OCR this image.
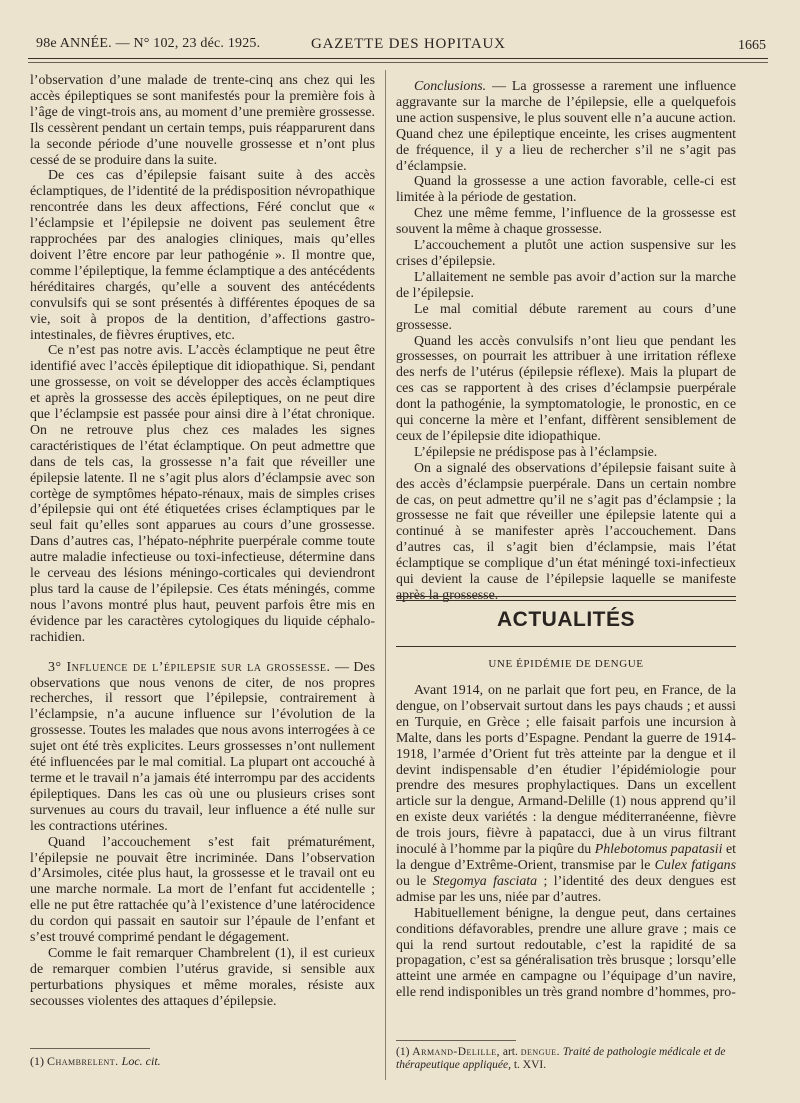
98e ANNÉE. — N° 102, 23 déc. 1925.	GAZETTE DES HOPITAUX	1665

l’observation d’une malade de trente-cinq ans chez qui les accès épileptiques se sont manifestés pour la première fois à l’âge de vingt-trois ans, au moment d’une première grossesse. Ils cessèrent pendant un certain temps, puis réapparurent dans la seconde période d’une nouvelle grossesse et n’ont plus cessé de se produire dans la suite.

De ces cas d’épilepsie faisant suite à des accès éclamptiques, de l’identité de la prédisposition névropathique rencontrée dans les deux affections, Féré conclut que « l’éclampsie et l’épilepsie ne doivent pas seulement être rapprochées par des analogies cliniques, mais qu’elles doivent l’être encore par leur pathogénie ». Il montre que, comme l’épileptique, la femme éclamptique a des antécédents héréditaires chargés, qu’elle a souvent des antécédents convulsifs qui se sont présentés à différentes époques de sa vie, soit à propos de la dentition, d’affections gastro-intestinales, de fièvres éruptives, etc.

Ce n’est pas notre avis. L’accès éclamptique ne peut être identifié avec l’accès épileptique dit idiopathique. Si, pendant une grossesse, on voit se développer des accès éclamptiques et après la grossesse des accès épileptiques, on ne peut dire que l’éclampsie est passée pour ainsi dire à l’état chronique. On ne retrouve plus chez ces malades les signes caractéristiques de l’état éclamptique. On peut admettre que dans de tels cas, la grossesse n’a fait que réveiller une épilepsie latente. Il ne s’agit plus alors d’éclampsie avec son cortège de symptômes hépato-rénaux, mais de simples crises d’épilepsie qui ont été étiquetées crises éclamptiques par le seul fait qu’elles sont apparues au cours d’une grossesse. Dans d’autres cas, l’hépato-néphrite puerpérale comme toute autre maladie infectieuse ou toxi-infectieuse, détermine dans le cerveau des lésions méningo-corticales qui deviendront plus tard la cause de l’épilepsie. Ces états méningés, comme nous l’avons montré plus haut, peuvent parfois être mis en évidence par les caractères cytologiques du liquide céphalo-rachidien.

3° Influence de l’épilepsie sur la grossesse. — Des observations que nous venons de citer, de nos propres recherches, il ressort que l’épilepsie, contrairement à l’éclampsie, n’a aucune influence sur l’évolution de la grossesse. Toutes les malades que nous avons interrogées à ce sujet ont été très explicites. Leurs grossesses n’ont nullement été influencées par le mal comitial. La plupart ont accouché à terme et le travail n’a jamais été interrompu par des accidents épileptiques. Dans les cas où une ou plusieurs crises sont survenues au cours du travail, leur influence a été nulle sur les contractions utérines.

Quand l’accouchement s’est fait prématurément, l’épilepsie ne pouvait être incriminée. Dans l’observation d’Arsimoles, citée plus haut, la grossesse et le travail ont eu une marche normale. La mort de l’enfant fut accidentelle ; elle ne put être rattachée qu’à l’existence d’une latérocidence du cordon qui passait en sautoir sur l’épaule de l’enfant et s’est trouvé comprimé pendant le dégagement.

Comme le fait remarquer Chambrelent (1), il est curieux de remarquer combien l’utérus gravide, si sensible aux perturbations physiques et même morales, résiste aux secousses violentes des attaques d’épilepsie.

(1) Chambrelent. Loc. cit.

Conclusions. — La grossesse a rarement une influence aggravante sur la marche de l’épilepsie, elle a quelquefois une action suspensive, le plus souvent elle n’a aucune action. Quand chez une épileptique enceinte, les crises augmentent de fréquence, il y a lieu de rechercher s’il ne s’agit pas d’éclampsie.

Quand la grossesse a une action favorable, celle-ci est limitée à la période de gestation.

Chez une même femme, l’influence de la grossesse est souvent la même à chaque grossesse.

L’accouchement a plutôt une action suspensive sur les crises d’épilepsie.

L’allaitement ne semble pas avoir d’action sur la marche de l’épilepsie.

Le mal comitial débute rarement au cours d’une grossesse.

Quand les accès convulsifs n’ont lieu que pendant les grossesses, on pourrait les attribuer à une irritation réflexe des nerfs de l’utérus (épilepsie réflexe). Mais la plupart de ces cas se rapportent à des crises d’éclampsie puerpérale dont la pathogénie, la symptomatologie, le pronostic, en ce qui concerne la mère et l’enfant, diffèrent sensiblement de ceux de l’épilepsie dite idiopathique.

L’épilepsie ne prédispose pas à l’éclampsie.

On a signalé des observations d’épilepsie faisant suite à des accès d’éclampsie puerpérale. Dans un certain nombre de cas, on peut admettre qu’il ne s’agit pas d’éclampsie ; la grossesse ne fait que réveiller une épilepsie latente qui a continué à se manifester après l’accouchement. Dans d’autres cas, il s’agit bien d’éclampsie, mais l’état éclamptique se complique d’un état méningé toxi-infectieux qui devient la cause de l’épilepsie laquelle se manifeste après la grossesse.

ACTUALITÉS
UNE ÉPIDÉMIE DE DENGUE

Avant 1914, on ne parlait que fort peu, en France, de la dengue, on l’observait surtout dans les pays chauds ; et aussi en Turquie, en Grèce ; elle faisait parfois une incursion à Malte, dans les ports d’Espagne. Pendant la guerre de 1914-1918, l’armée d’Orient fut très atteinte par la dengue et il devint indispensable d’en étudier l’épidémiologie pour prendre des mesures prophylactiques. Dans un excellent article sur la dengue, Armand-Delille (1) nous apprend qu’il en existe deux variétés : la dengue méditerranéenne, fièvre de trois jours, fièvre à papatacci, due à un virus filtrant inoculé à l’homme par la piqûre du Phlebotomus papatasii et la dengue d’Extrême-Orient, transmise par le Culex fatigans ou le Stegomya fasciata ; l’identité des deux dengues est admise par les uns, niée par d’autres.

Habituellement bénigne, la dengue peut, dans certaines conditions défavorables, prendre une allure grave ; mais ce qui la rend surtout redoutable, c’est la rapidité de sa propagation, c’est sa généralisation très brusque ; lorsqu’elle atteint une armée en campagne ou l’équipage d’un navire, elle rend indisponibles un très grand nombre d’hommes, pro-

(1) Armand-Delille, art. dengue. Traité de pathologie médicale et de thérapeutique appliquée, t. XVI.
